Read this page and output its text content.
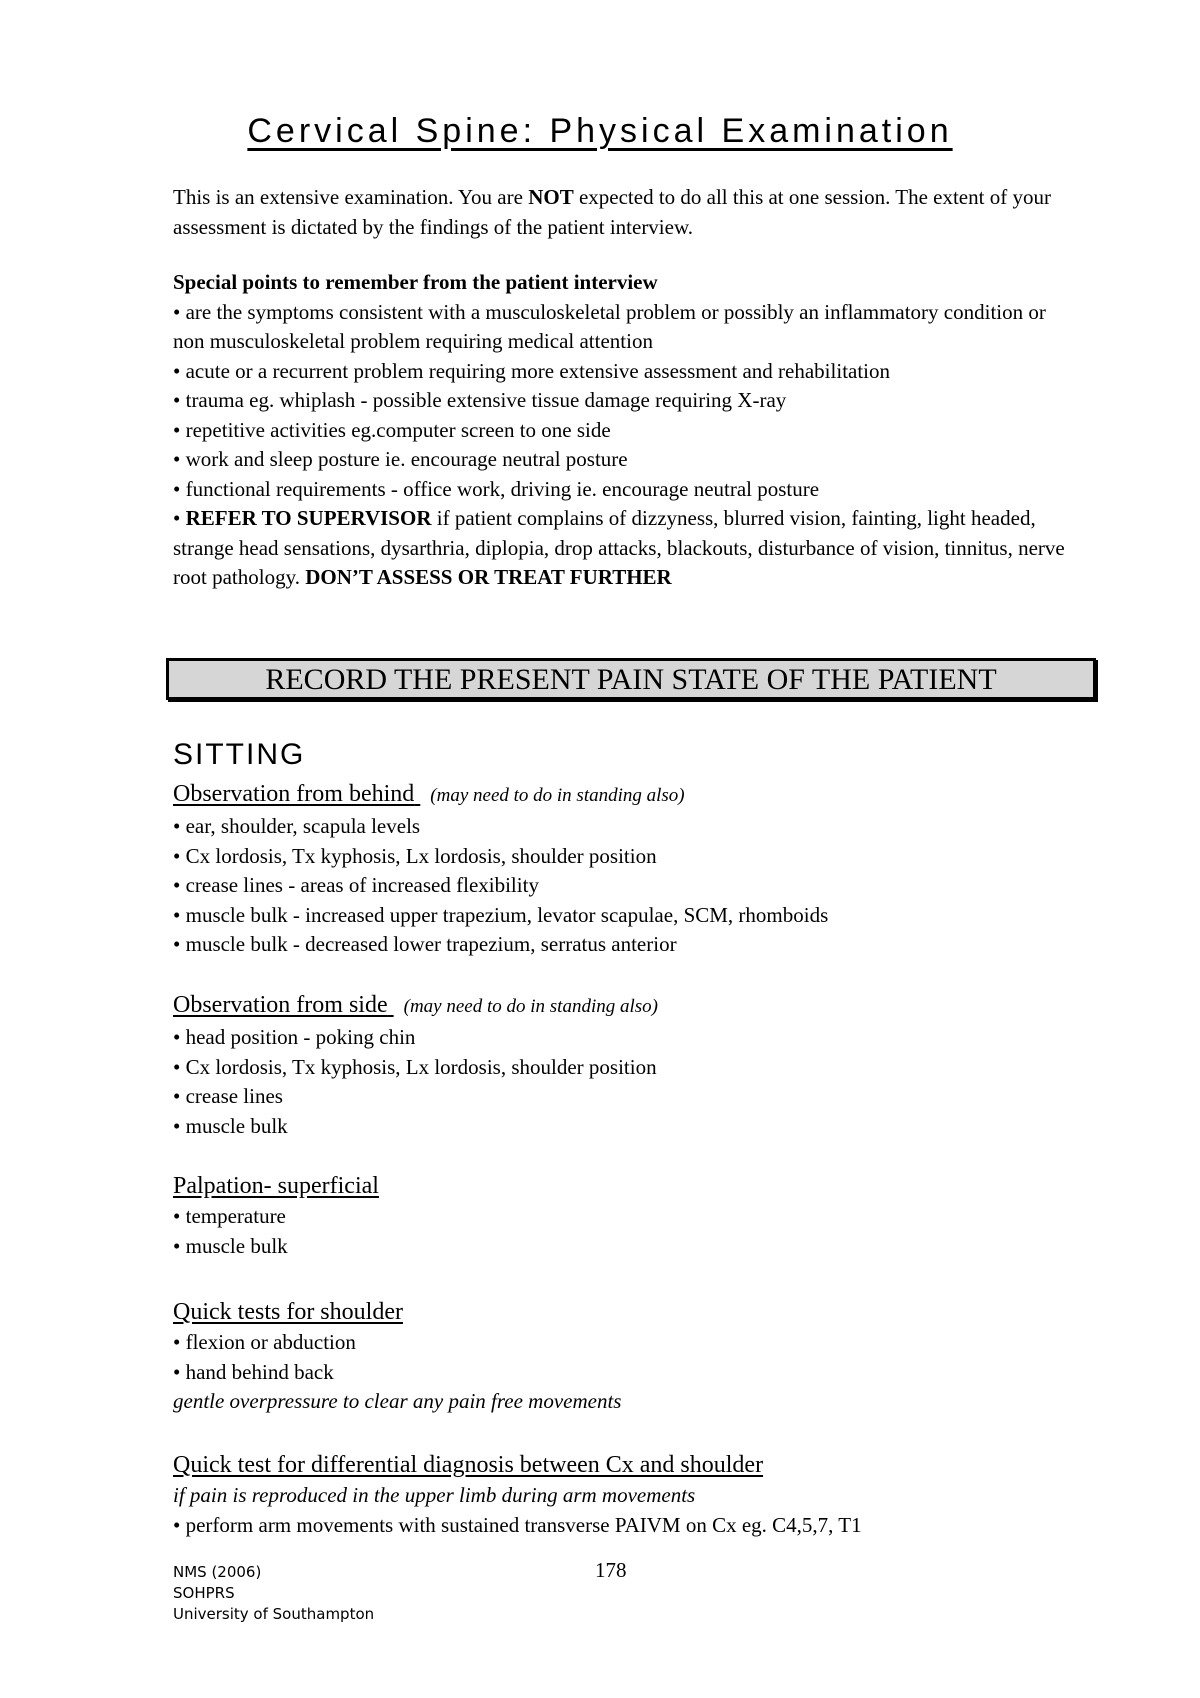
Cervical Spine: Physical Examination

This is an extensive examination. You are NOT expected to do all this at one session. The extent of your assessment is dictated by the findings of the patient interview.

Special points to remember from the patient interview

• are the symptoms consistent with a musculoskeletal problem or possibly an inflammatory condition or non musculoskeletal problem requiring medical attention

• acute or a recurrent problem requiring more extensive assessment and rehabilitation

• trauma eg. whiplash - possible extensive tissue damage requiring X-ray

• repetitive activities eg.computer screen to one side

• work and sleep posture ie. encourage neutral posture

• functional requirements - office work, driving ie. encourage neutral posture

• REFER TO SUPERVISOR if patient complains of dizzyness, blurred vision, fainting, light headed, strange head sensations, dysarthria, diplopia, drop attacks, blackouts, disturbance of vision, tinnitus, nerve root pathology. DON’T ASSESS OR TREAT FURTHER

RECORD THE PRESENT PAIN STATE OF THE PATIENT
SITTING

Observation from behind (may need to do in standing also)

• ear, shoulder, scapula levels

• Cx lordosis, Tx kyphosis, Lx lordosis, shoulder position

• crease lines - areas of increased flexibility

• muscle bulk - increased upper trapezium, levator scapulae, SCM, rhomboids

• muscle bulk - decreased lower trapezium, serratus anterior

Observation from side (may need to do in standing also)

• head position - poking chin

• Cx lordosis, Tx kyphosis, Lx lordosis, shoulder position

• crease lines

• muscle bulk

Palpation- superficial

• temperature

• muscle bulk

Quick tests for shoulder

• flexion or abduction

• hand behind back

gentle overpressure to clear any pain free movements

Quick test for differential diagnosis between Cx and shoulder

if pain is reproduced in the upper limb during arm movements

• perform arm movements with sustained transverse PAIVM on Cx eg. C4,5,7, T1

NMS (2006)
SOHPRS
University of Southampton
178
